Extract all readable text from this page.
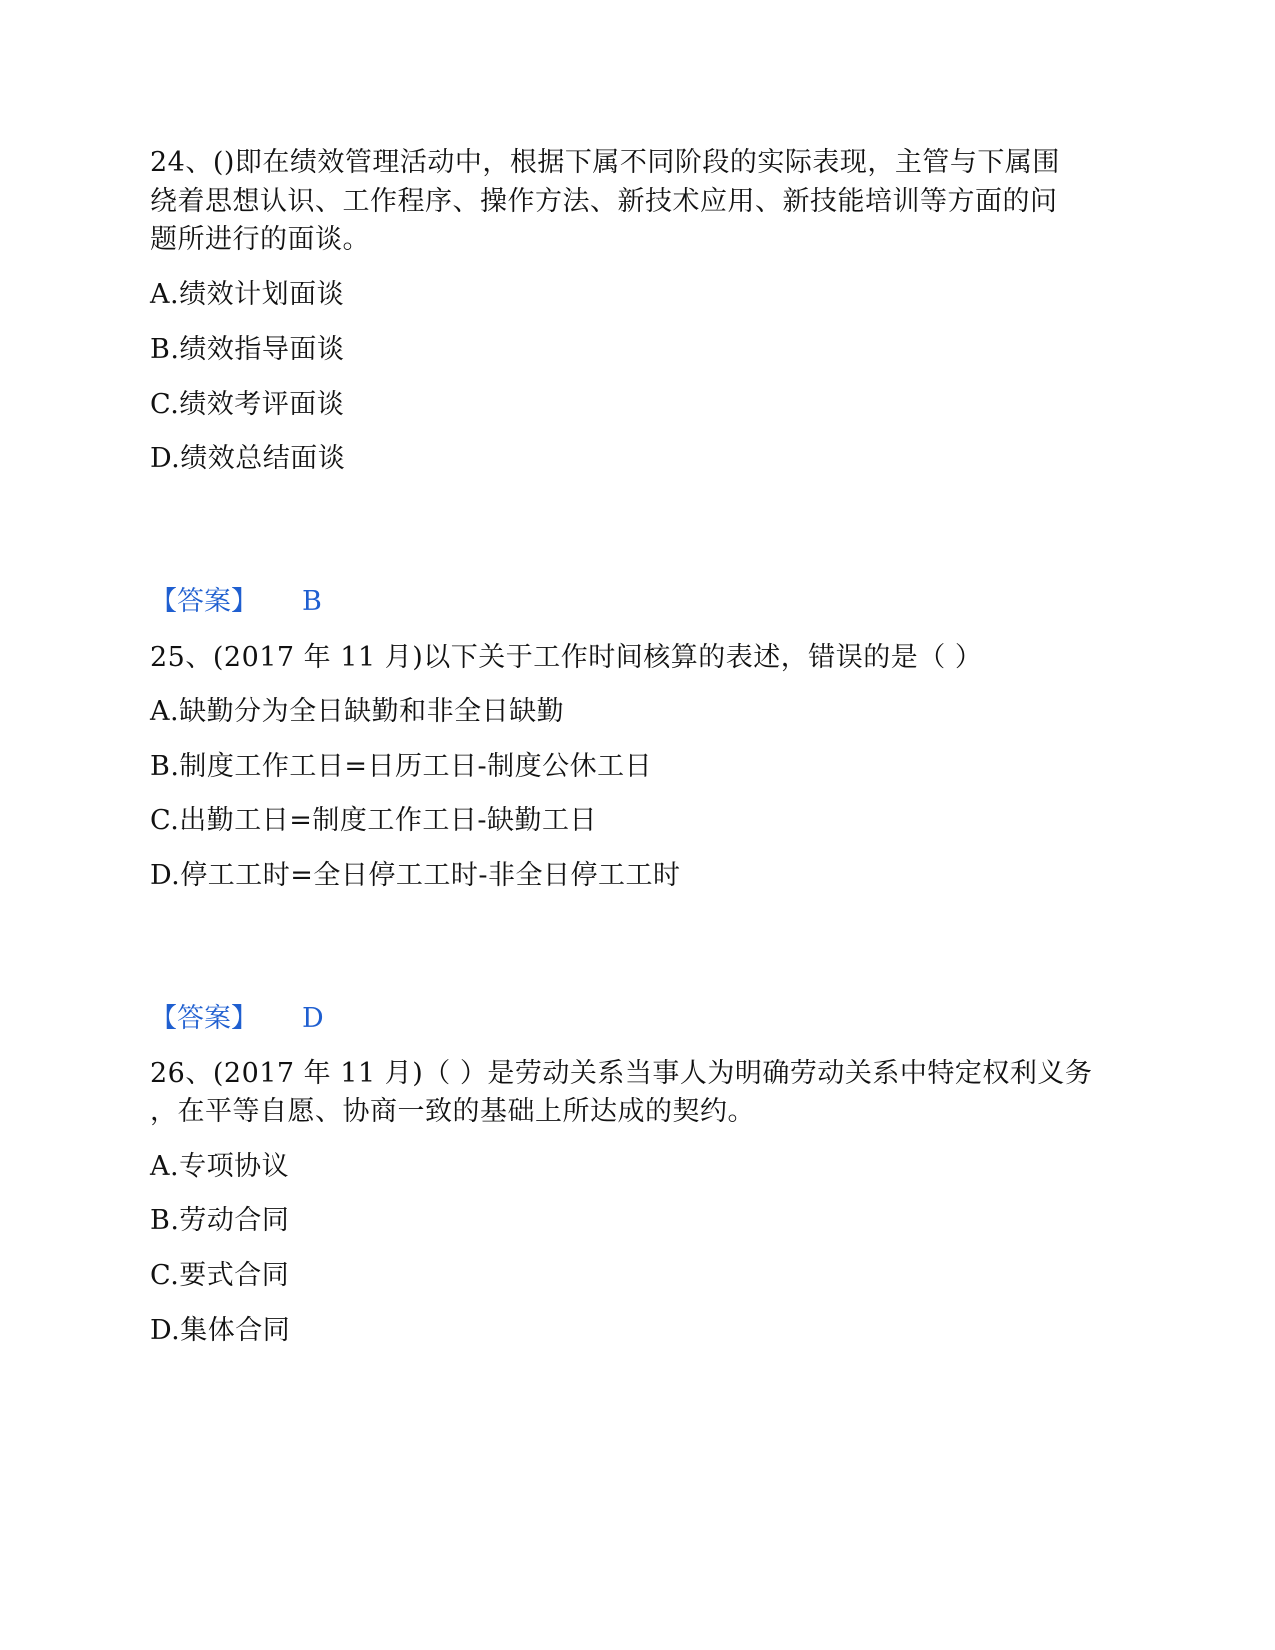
24、()即在绩效管理活动中，根据下属不同阶段的实际表现，主管与下属围
绕着思想认识、工作程序、操作方法、新技术应用、新技能培训等方面的问
题所进行的面谈。
A.绩效计划面谈
B.绩效指导面谈
C.绩效考评面谈
D.绩效总结面谈
【答案】 B
25、(2017 年 11 月)以下关于工作时间核算的表述，错误的是（ ）
A.缺勤分为全日缺勤和非全日缺勤
B.制度工作工日=日历工日-制度公休工日
C.出勤工日=制度工作工日-缺勤工日
D.停工工时=全日停工工时-非全日停工工时
【答案】 D
26、(2017 年 11 月)（ ）是劳动关系当事人为明确劳动关系中特定权利义务
，在平等自愿、协商一致的基础上所达成的契约。
A.专项协议
B.劳动合同
C.要式合同
D.集体合同
